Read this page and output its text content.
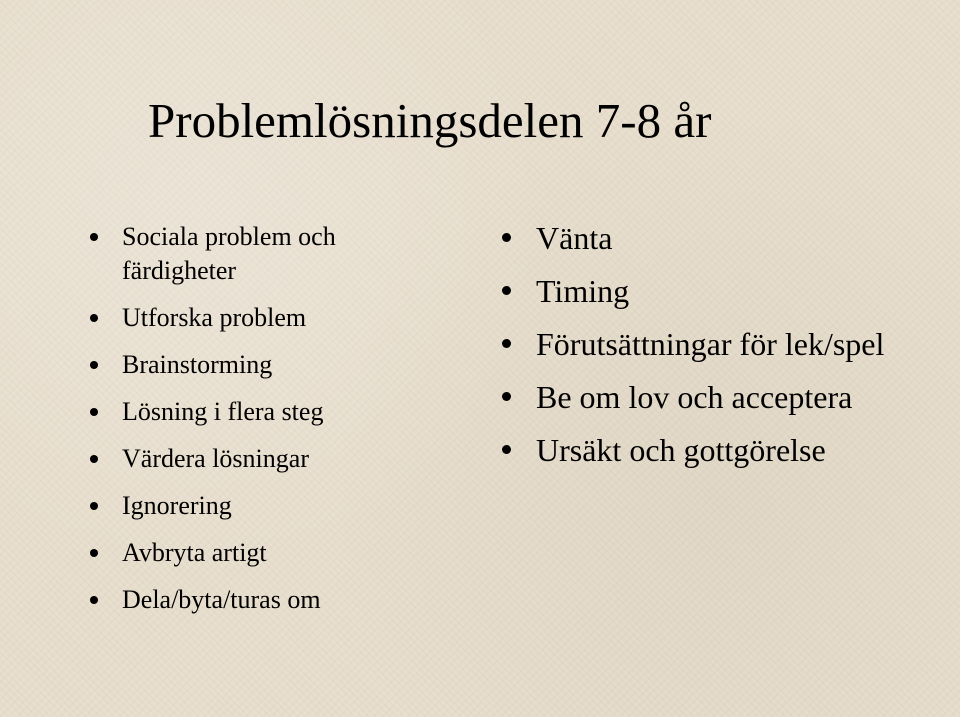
Problemlösningsdelen 7-8 år
Sociala problem och färdigheter
Utforska problem
Brainstorming
Lösning i flera steg
Värdera lösningar
Ignorering
Avbryta artigt
Dela/byta/turas om
Vänta
Timing
Förutsättningar för lek/spel
Be om lov och acceptera
Ursäkt och gottgörelse
